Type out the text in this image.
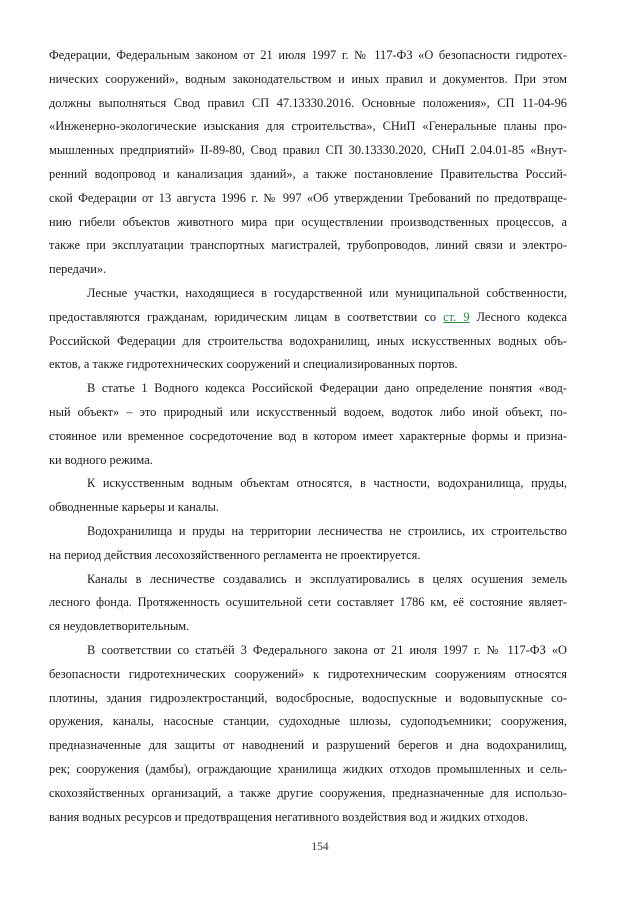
Федерации, Федеральным законом от 21 июля 1997 г. № 117-ФЗ «О безопасности гидротех-
нических сооружений», водным законодательством и иных правил и документов. При этом
должны выполняться Свод правил СП 47.13330.2016. Основные положения», СП 11-04-96
«Инженерно-экологические изыскания для строительства», СНиП «Генеральные планы про-
мышленных предприятий» II-89-80, Свод правил СП 30.13330.2020, СНиП 2.04.01-85 «Внут-
ренний водопровод и канализация зданий», а также постановление Правительства Россий-
ской Федерации от 13 августа 1996 г. № 997 «Об утверждении Требований по предотвраще-
нию гибели объектов животного мира при осуществлении производственных процессов, а
также при эксплуатации транспортных магистралей, трубопроводов, линий связи и электро-
передачи».
Лесные участки, находящиеся в государственной или муниципальной собственности,
предоставляются гражданам, юридическим лицам в соответствии со ст. 9 Лесного кодекса
Российской Федерации для строительства водохранилищ, иных искусственных водных объ-
ектов, а также гидротехнических сооружений и специализированных портов.
В статье 1 Водного кодекса Российской Федерации дано определение понятия «вод-
ный объект» – это природный или искусственный водоем, водоток либо иной объект, по-
стоянное или временное сосредоточение вод в котором имеет характерные формы и призна-
ки водного режима.
К искусственным водным объектам относятся, в частности, водохранилища, пруды,
обводненные карьеры и каналы.
Водохранилища и пруды на территории лесничества не строились, их строительство
на период действия лесохозяйственного регламента не проектируется.
Каналы в лесничестве создавались и эксплуатировались в целях осушения земель
лесного фонда. Протяженность осушительной сети составляет 1786 км, её состояние являет-
ся неудовлетворительным.
В соответствии со статьёй 3 Федерального закона от 21 июля 1997 г. № 117-ФЗ «О
безопасности гидротехнических сооружений» к гидротехническим сооружениям относятся
плотины, здания гидроэлектростанций, водосбросные, водоспускные и водовыпускные со-
оружения, каналы, насосные станции, судоходные шлюзы, судоподъемники; сооружения,
предназначенные для защиты от наводнений и разрушений берегов и дна водохранилищ,
рек; сооружения (дамбы), ограждающие хранилища жидких отходов промышленных и сель-
скохозяйственных организаций, а также другие сооружения, предназначенные для использо-
вания водных ресурсов и предотвращения негативного воздействия вод и жидких отходов.
154
